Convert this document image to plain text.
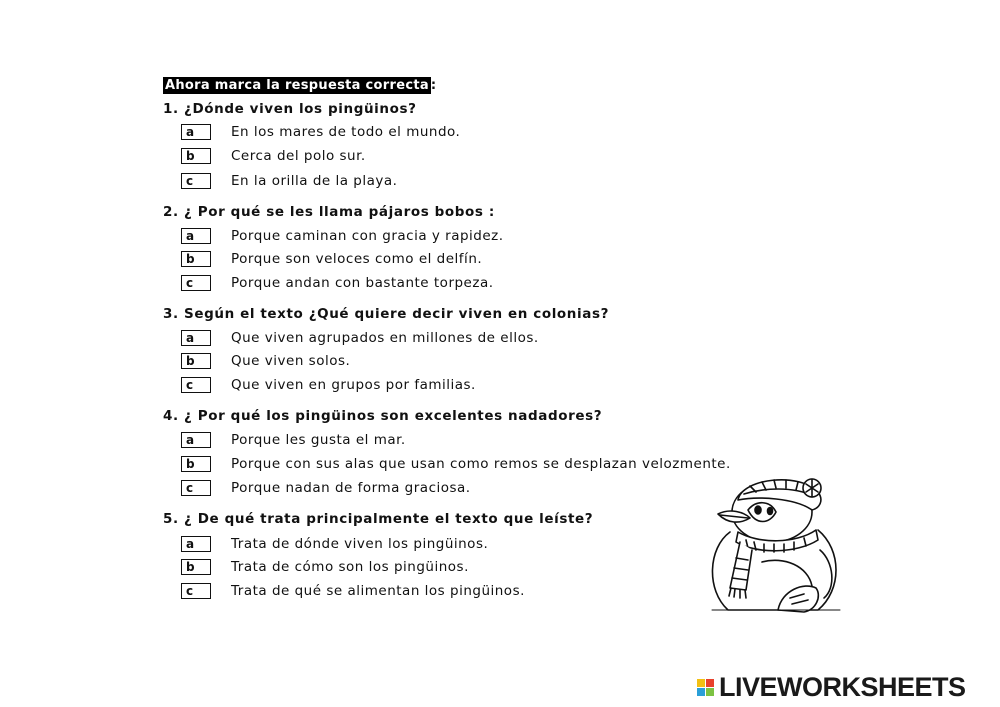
Ahora marca la respuesta correcta :
1. ¿Dónde viven los pingüinos?
a	En los mares de todo el mundo.
b	Cerca del polo sur.
c	En la orilla de la playa.
2. ¿ Por qué se les llama pájaros bobos :
a	Porque caminan con gracia y rapidez.
b	Porque son veloces como el delfín.
c	Porque andan con bastante torpeza.
3. Según el texto ¿Qué quiere decir viven en colonias?
a	Que viven agrupados en millones de ellos.
b	Que viven solos.
c	Que viven en grupos por familias.
4. ¿ Por qué los pingüinos son excelentes nadadores?
a	Porque les gusta el mar.
b	Porque con sus alas que usan como remos se desplazan velozmente.
c	Porque nadan de forma graciosa.
5. ¿ De qué trata principalmente el texto que leíste?
a	Trata de dónde viven los pingüinos.
b	Trata de cómo son los pingüinos.
c	Trata de qué se alimentan los pingüinos.
LIVEWORKSHEETS
